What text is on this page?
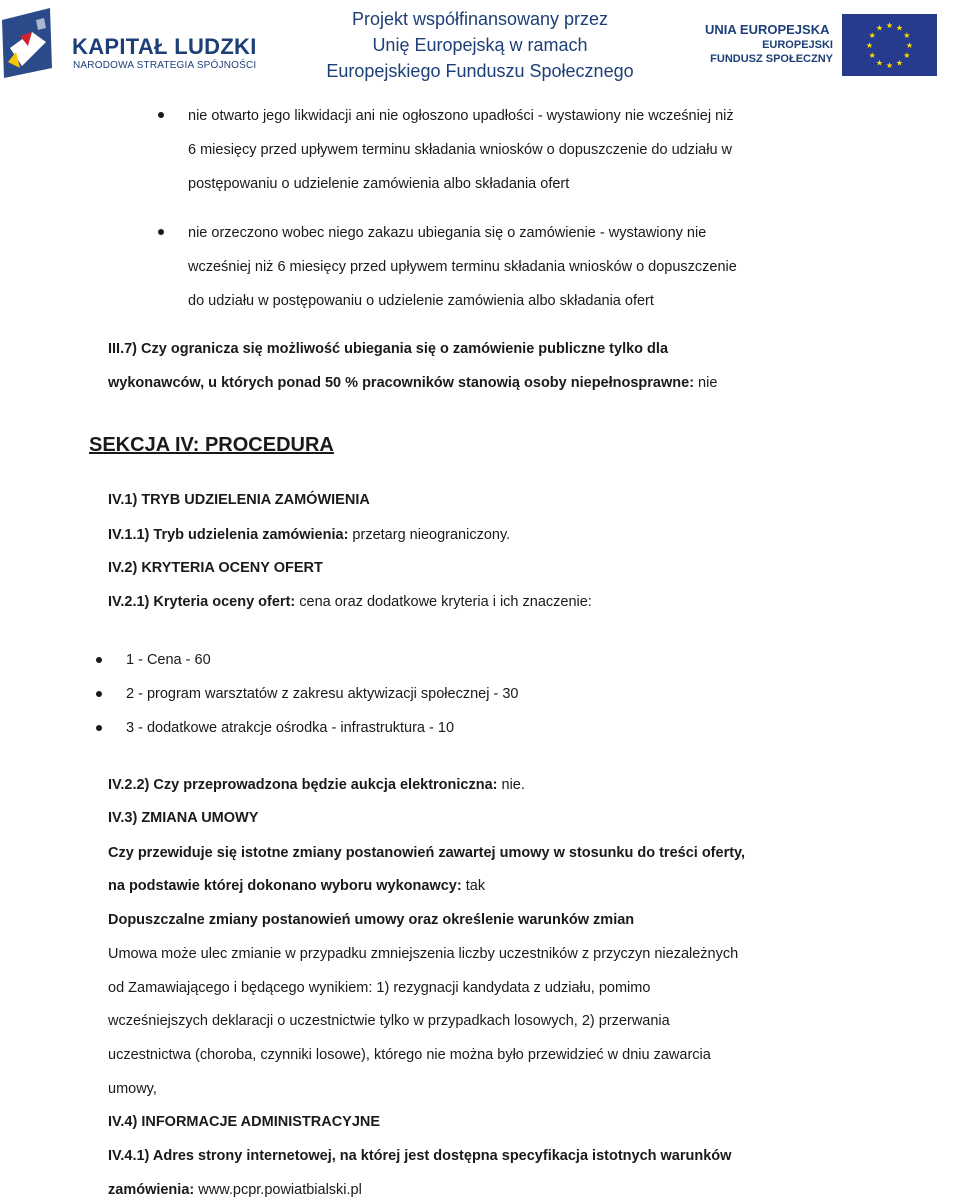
KAPITAŁ LUDZKI
NARODOWA STRATEGIA SPÓJNOŚCI
Projekt współfinansowany przez
Unię Europejską w ramach
Europejskiego Funduszu Społecznego
UNIA EUROPEJSKA
EUROPEJSKI
FUNDUSZ SPOŁECZNY
★ ★
★
★
★
★
★
★
★
★
★
★
nie otwarto jego likwidacji ani nie ogłoszono upadłości - wystawiony nie wcześniej niż
6 miesięcy przed upływem terminu składania wniosków o dopuszczenie do udziału w
postępowaniu o udzielenie zamówienia albo składania ofert
nie orzeczono wobec niego zakazu ubiegania się o zamówienie - wystawiony nie
wcześniej niż 6 miesięcy przed upływem terminu składania wniosków o dopuszczenie
do udziału w postępowaniu o udzielenie zamówienia albo składania ofert
III.7) Czy ogranicza się możliwość ubiegania się o zamówienie publiczne tylko dla
wykonawców, u których ponad 50 % pracowników stanowią osoby niepełnosprawne: nie
SEKCJA IV: PROCEDURA
IV.1) TRYB UDZIELENIA ZAMÓWIENIA
IV.1.1) Tryb udzielenia zamówienia: przetarg nieograniczony.
IV.2) KRYTERIA OCENY OFERT
IV.2.1) Kryteria oceny ofert: cena oraz dodatkowe kryteria i ich znaczenie:
1 - Cena - 60
2 - program warsztatów z zakresu aktywizacji społecznej - 30
3 - dodatkowe atrakcje ośrodka - infrastruktura - 10
IV.2.2) Czy przeprowadzona będzie aukcja elektroniczna: nie.
IV.3) ZMIANA UMOWY
Czy przewiduje się istotne zmiany postanowień zawartej umowy w stosunku do treści oferty,
na podstawie której dokonano wyboru wykonawcy: tak
Dopuszczalne zmiany postanowień umowy oraz określenie warunków zmian
Umowa może ulec zmianie w przypadku zmniejszenia liczby uczestników z przyczyn niezależnych
od Zamawiającego i będącego wynikiem: 1) rezygnacji kandydata z udziału, pomimo
wcześniejszych deklaracji o uczestnictwie tylko w przypadkach losowych, 2) przerwania
uczestnictwa (choroba, czynniki losowe), którego nie można było przewidzieć w dniu zawarcia
umowy,
IV.4) INFORMACJE ADMINISTRACYJNE
IV.4.1) Adres strony internetowej, na której jest dostępna specyfikacja istotnych warunków
zamówienia: www.pcpr.powiatbialski.pl
